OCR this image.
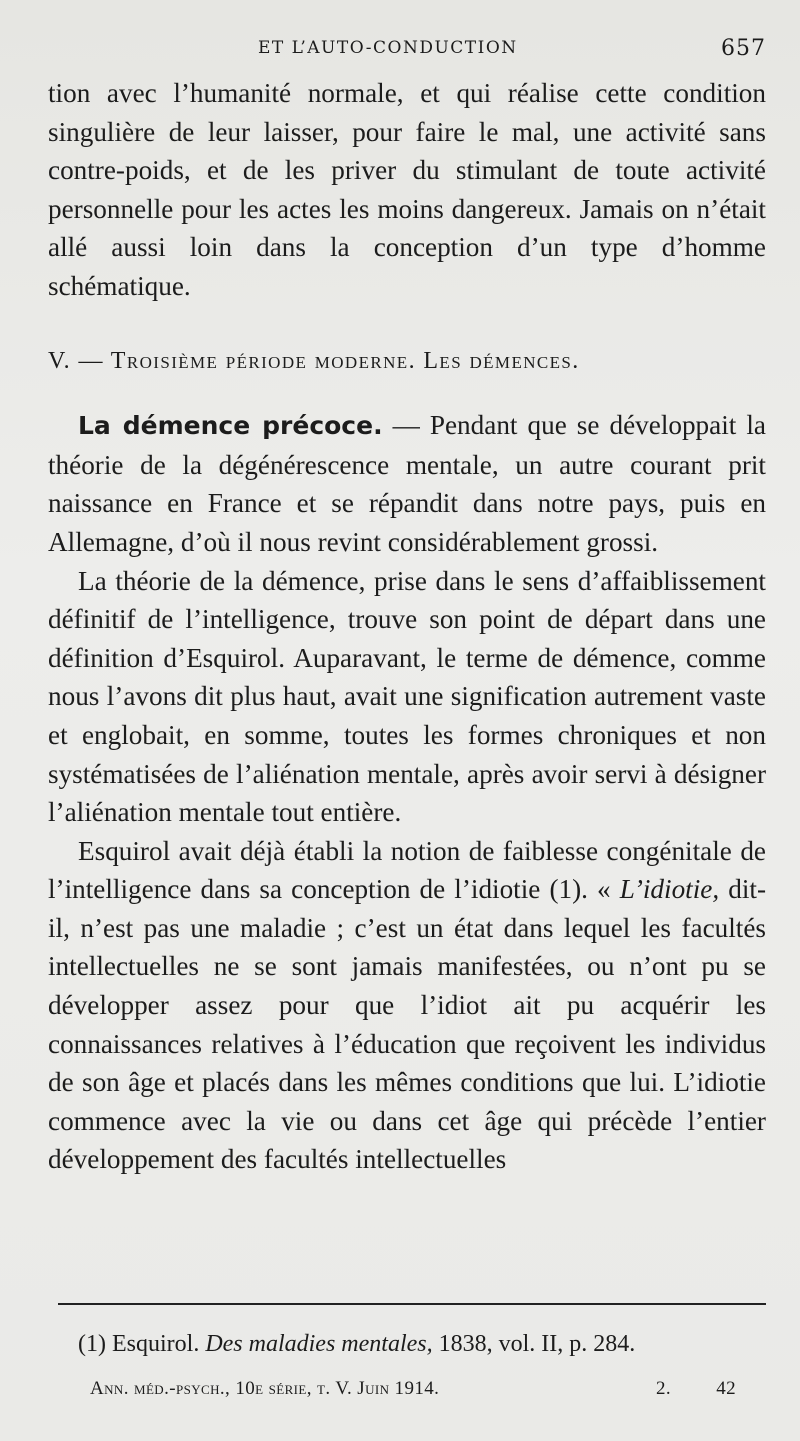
ET L’AUTO-CONDUCTION	657

tion avec l’humanité normale, et qui réalise cette condition singulière de leur laisser, pour faire le mal, une activité sans contre-poids, et de les priver du stimulant de toute activité personnelle pour les actes les moins dangereux. Jamais on n’était allé aussi loin dans la conception d’un type d’homme schématique.

V. — Troisième période moderne. Les démences.

La démence précoce. — Pendant que se développait la théorie de la dégénérescence mentale, un autre courant prit naissance en France et se répandit dans notre pays, puis en Allemagne, d’où il nous revint considérablement grossi.

La théorie de la démence, prise dans le sens d’affaiblissement définitif de l’intelligence, trouve son point de départ dans une définition d’Esquirol. Auparavant, le terme de démence, comme nous l’avons dit plus haut, avait une signification autrement vaste et englobait, en somme, toutes les formes chroniques et non systématisées de l’aliénation mentale, après avoir servi à désigner l’aliénation mentale tout entière.

Esquirol avait déjà établi la notion de faiblesse congénitale de l’intelligence dans sa conception de l’idiotie (1). « L’idiotie, dit-il, n’est pas une maladie ; c’est un état dans lequel les facultés intellectuelles ne se sont jamais manifestées, ou n’ont pu se développer assez pour que l’idiot ait pu acquérir les connaissances relatives à l’éducation que reçoivent les individus de son âge et placés dans les mêmes conditions que lui. L’idiotie commence avec la vie ou dans cet âge qui précède l’entier développement des facultés intellectuelles

(1) Esquirol. Des maladies mentales, 1838, vol. II, p. 284.
Ann. méd.-psych., 10e série, t. V. Juin 1914.	2. 42
